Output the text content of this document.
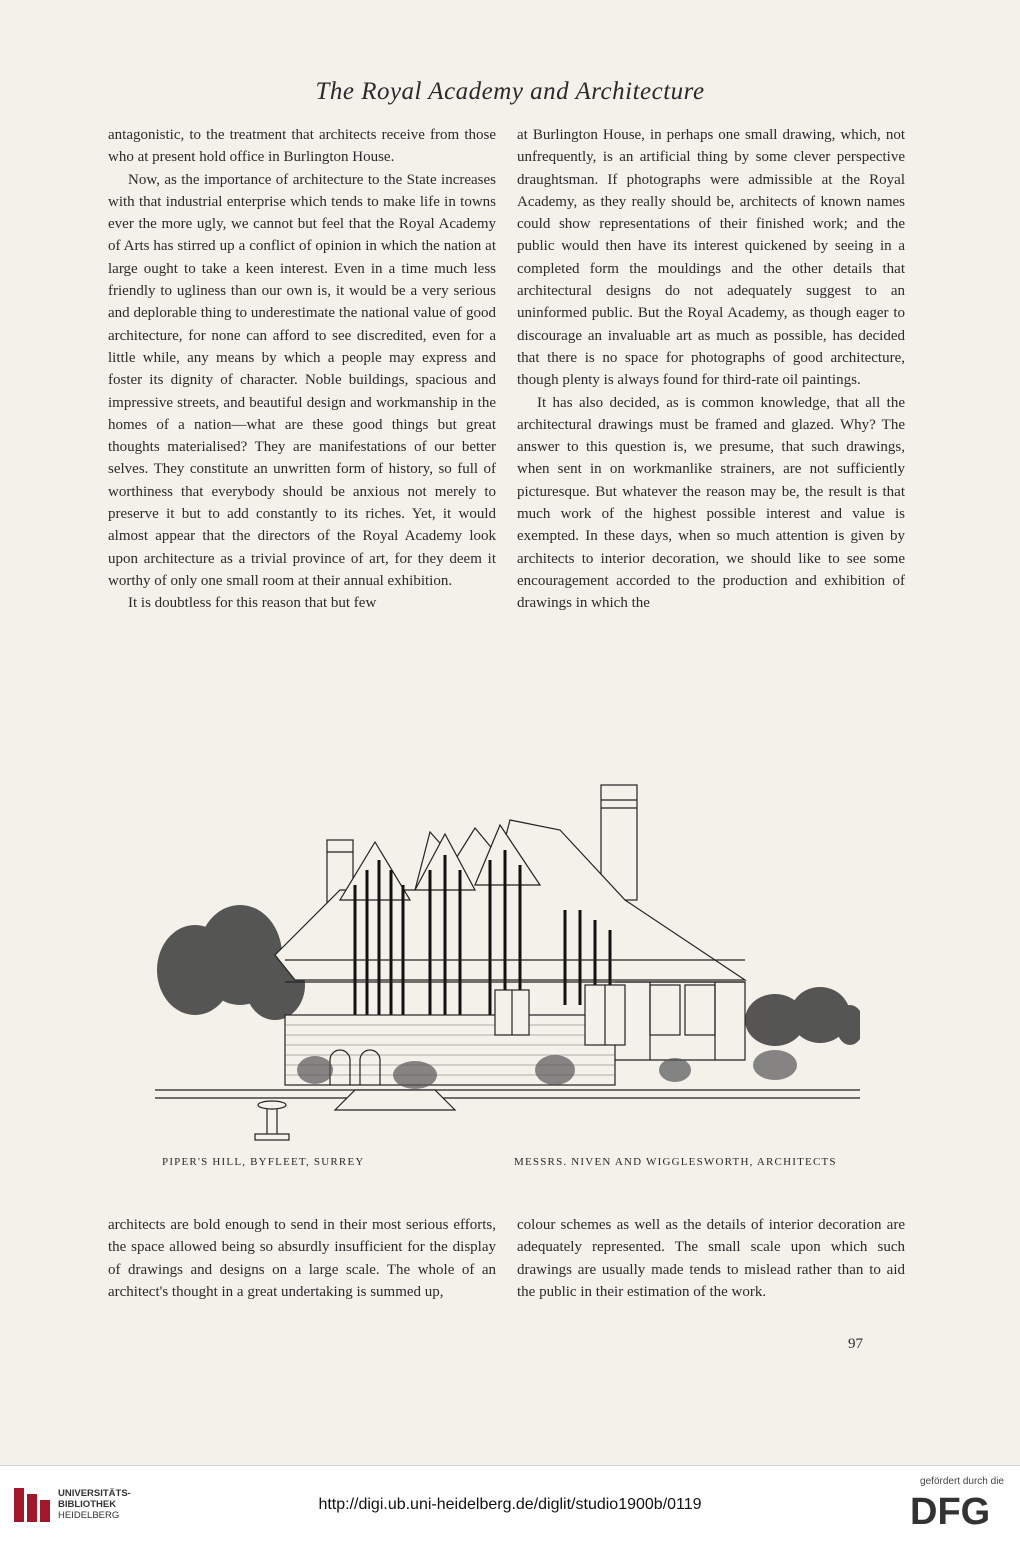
The Royal Academy and Architecture

antagonistic, to the treatment that architects receive from those who at present hold office in Burlington House.

Now, as the importance of architecture to the State increases with that industrial enterprise which tends to make life in towns ever the more ugly, we cannot but feel that the Royal Academy of Arts has stirred up a conflict of opinion in which the nation at large ought to take a keen interest. Even in a time much less friendly to ugliness than our own is, it would be a very serious and deplorable thing to underestimate the national value of good architecture, for none can afford to see discredited, even for a little while, any means by which a people may express and foster its dignity of character. Noble buildings, spacious and impressive streets, and beautiful design and workmanship in the homes of a nation—what are these good things but great thoughts materialised? They are manifestations of our better selves. They constitute an unwritten form of history, so full of worthiness that everybody should be anxious not merely to preserve it but to add constantly to its riches. Yet, it would almost appear that the directors of the Royal Academy look upon architecture as a trivial province of art, for they deem it worthy of only one small room at their annual exhibition.

It is doubtless for this reason that but few

at Burlington House, in perhaps one small drawing, which, not unfrequently, is an artificial thing by some clever perspective draughtsman. If photographs were admissible at the Royal Academy, as they really should be, architects of known names could show representations of their finished work; and the public would then have its interest quickened by seeing in a completed form the mouldings and the other details that architectural designs do not adequately suggest to an uninformed public. But the Royal Academy, as though eager to discourage an invaluable art as much as possible, has decided that there is no space for photographs of good architecture, though plenty is always found for third-rate oil paintings.

It has also decided, as is common knowledge, that all the architectural drawings must be framed and glazed. Why? The answer to this question is, we presume, that such drawings, when sent in on workmanlike strainers, are not sufficiently picturesque. But whatever the reason may be, the result is that much work of the highest possible interest and value is exempted. In these days, when so much attention is given by architects to interior decoration, we should like to see some encouragement accorded to the production and exhibition of drawings in which the

PIPER'S HILL, BYFLEET, SURREY	MESSRS. NIVEN AND WIGGLESWORTH, ARCHITECTS

architects are bold enough to send in their most serious efforts, the space allowed being so absurdly insufficient for the display of drawings and designs on a large scale. The whole of an architect's thought in a great undertaking is summed up,

colour schemes as well as the details of interior decoration are adequately represented. The small scale upon which such drawings are usually made tends to mislead rather than to aid the public in their estimation of the work.

97
UNIVERSITÄTS-
BIBLIOTHEK
HEIDELBERG
http://digi.ub.uni-heidelberg.de/diglit/studio1900b/0119
gefördert durch die
DFG
